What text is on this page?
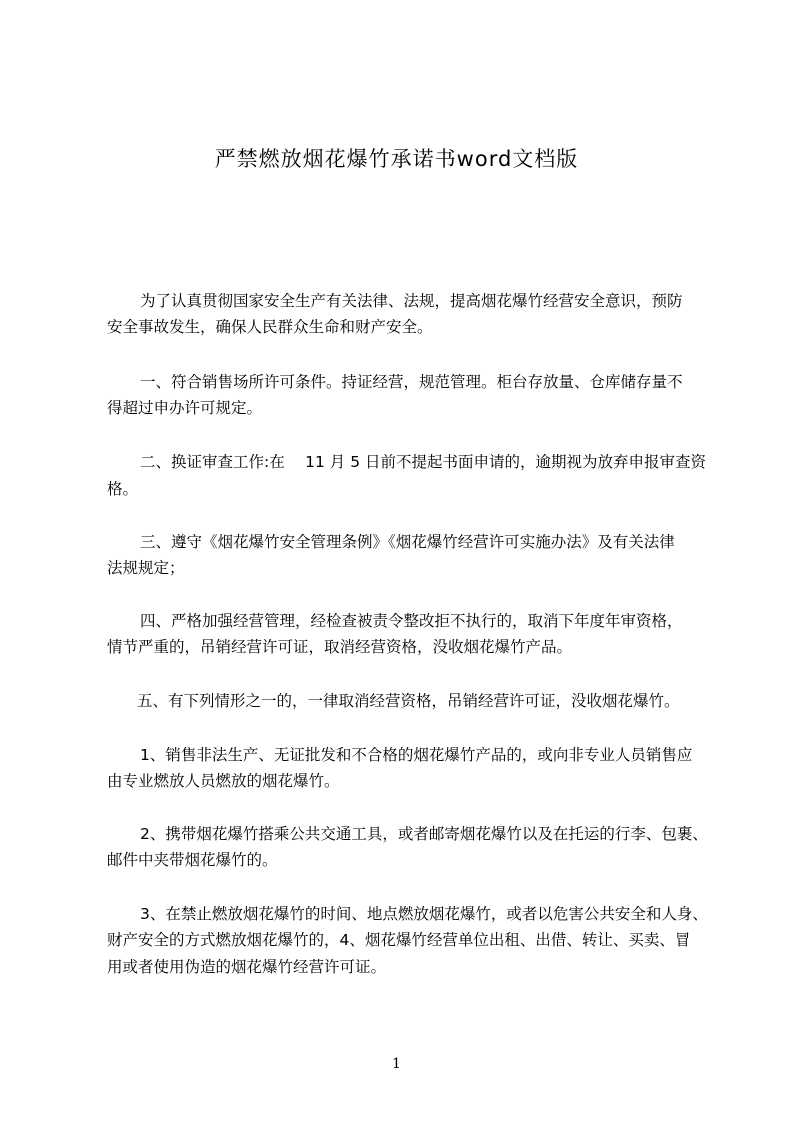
严禁燃放烟花爆竹承诺书word文档版
为了认真贯彻国家安全生产有关法律、法规，提高烟花爆竹经营安全意识，预防
安全事故发生，确保人民群众生命和财产安全。
一、符合销售场所许可条件。持证经营，规范管理。柜台存放量、仓库储存量不
得超过申办许可规定。
二、换证审查工作:在　 11 月 5 日前不提起书面申请的，逾期视为放弃申报审查资
格。
三、遵守《烟花爆竹安全管理条例》《烟花爆竹经营许可实施办法》及有关法律
法规规定；
四、严格加强经营管理，经检查被责令整改拒不执行的，取消下年度年审资格，
情节严重的，吊销经营许可证，取消经营资格，没收烟花爆竹产品。
五、有下列情形之一的，一律取消经营资格，吊销经营许可证，没收烟花爆竹。
1、销售非法生产、无证批发和不合格的烟花爆竹产品的，或向非专业人员销售应
由专业燃放人员燃放的烟花爆竹。
2、携带烟花爆竹搭乘公共交通工具，或者邮寄烟花爆竹以及在托运的行李、包裹、
邮件中夹带烟花爆竹的。
3、在禁止燃放烟花爆竹的时间、地点燃放烟花爆竹，或者以危害公共安全和人身、
财产安全的方式燃放烟花爆竹的，4、烟花爆竹经营单位出租、出借、转让、买卖、冒
用或者使用伪造的烟花爆竹经营许可证。
1
